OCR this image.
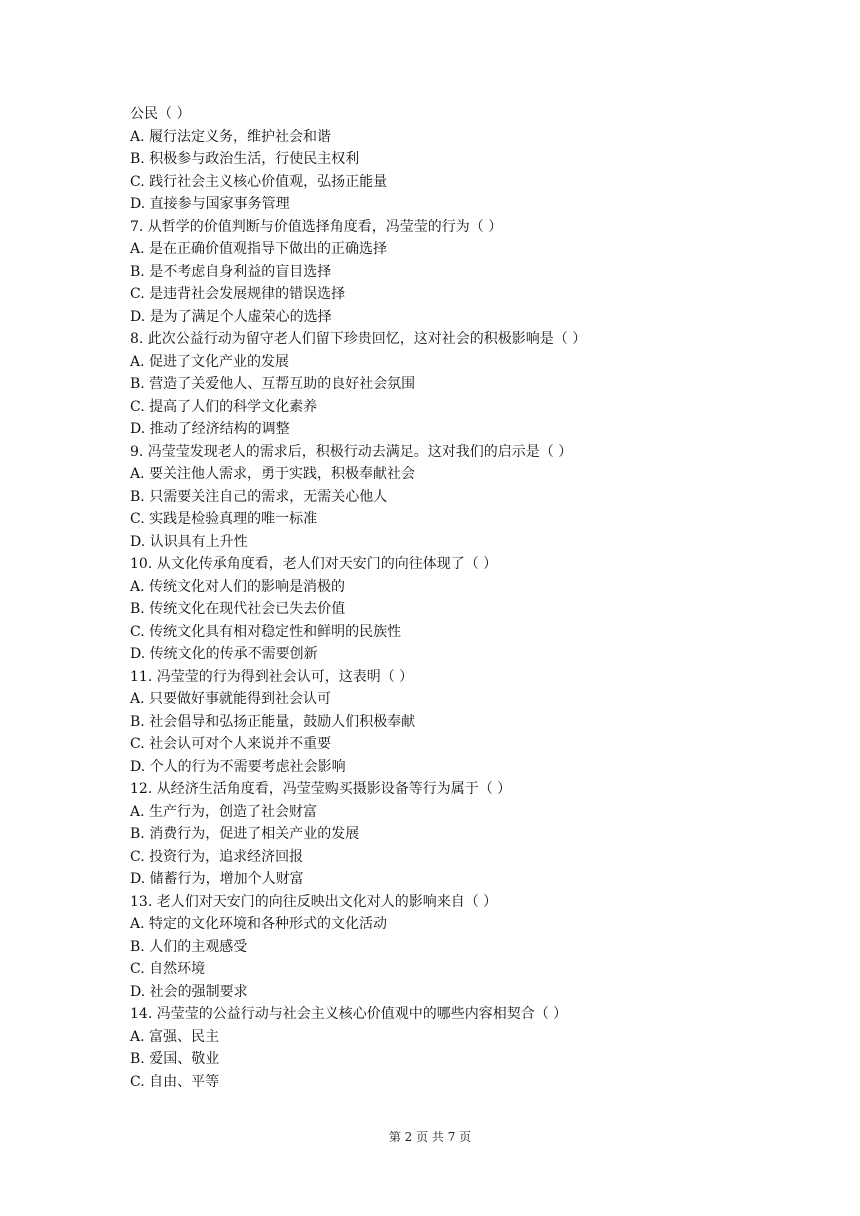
公民（ ）
A. 履行法定义务，维护社会和谐
B. 积极参与政治生活，行使民主权利
C. 践行社会主义核心价值观，弘扬正能量
D. 直接参与国家事务管理
7. 从哲学的价值判断与价值选择角度看，冯莹莹的行为（ ）
A. 是在正确价值观指导下做出的正确选择
B. 是不考虑自身利益的盲目选择
C. 是违背社会发展规律的错误选择
D. 是为了满足个人虚荣心的选择
8. 此次公益行动为留守老人们留下珍贵回忆，这对社会的积极影响是（ ）
A. 促进了文化产业的发展
B. 营造了关爱他人、互帮互助的良好社会氛围
C. 提高了人们的科学文化素养
D. 推动了经济结构的调整
9. 冯莹莹发现老人的需求后，积极行动去满足。这对我们的启示是（ ）
A. 要关注他人需求，勇于实践，积极奉献社会
B. 只需要关注自己的需求，无需关心他人
C. 实践是检验真理的唯一标准
D. 认识具有上升性
10. 从文化传承角度看，老人们对天安门的向往体现了（ ）
A. 传统文化对人们的影响是消极的
B. 传统文化在现代社会已失去价值
C. 传统文化具有相对稳定性和鲜明的民族性
D. 传统文化的传承不需要创新
11. 冯莹莹的行为得到社会认可，这表明（ ）
A. 只要做好事就能得到社会认可
B. 社会倡导和弘扬正能量，鼓励人们积极奉献
C. 社会认可对个人来说并不重要
D. 个人的行为不需要考虑社会影响
12. 从经济生活角度看，冯莹莹购买摄影设备等行为属于（ ）
A. 生产行为，创造了社会财富
B. 消费行为，促进了相关产业的发展
C. 投资行为，追求经济回报
D. 储蓄行为，增加个人财富
13. 老人们对天安门的向往反映出文化对人的影响来自（ ）
A. 特定的文化环境和各种形式的文化活动
B. 人们的主观感受
C. 自然环境
D. 社会的强制要求
14. 冯莹莹的公益行动与社会主义核心价值观中的哪些内容相契合（ ）
A. 富强、民主
B. 爱国、敬业
C. 自由、平等
第 2 页 共 7 页
